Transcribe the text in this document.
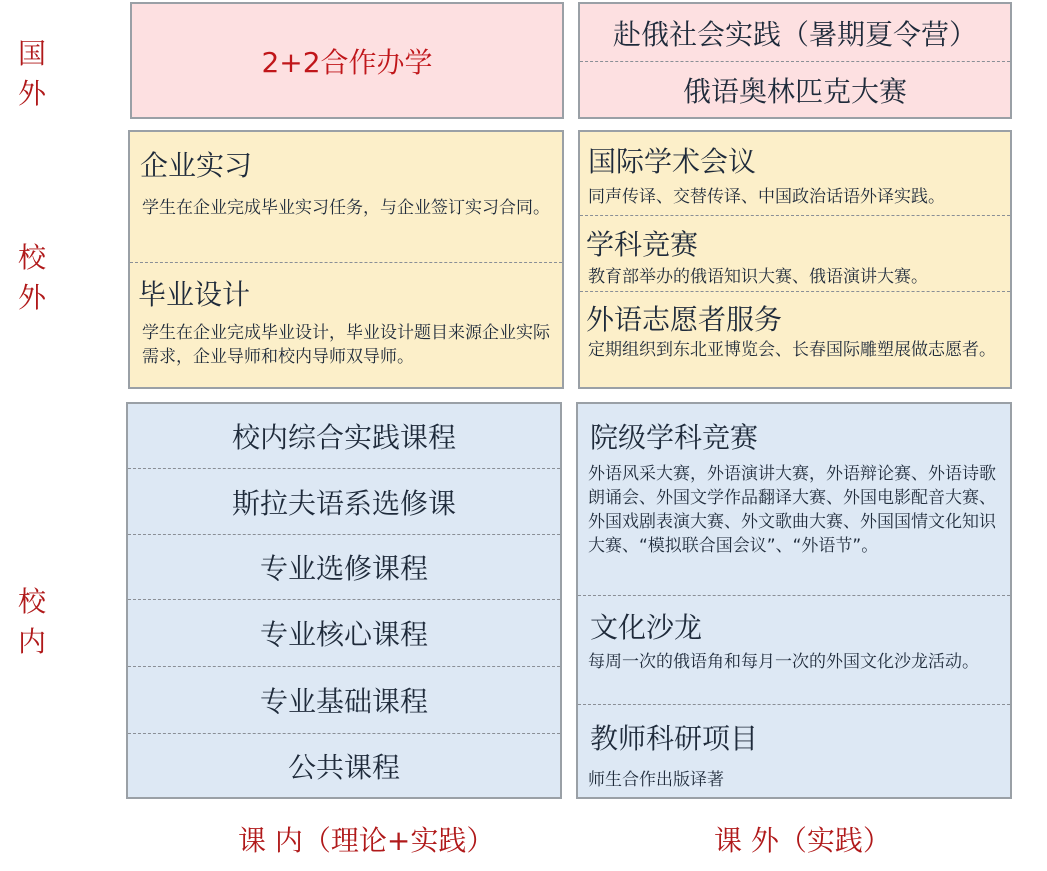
国 外
校 外
校 内
2+2合作办学
企业实习
学生在企业完成毕业实习任务，与企业签订实习合同。
毕业设计
学生在企业完成毕业设计，毕业设计题目来源企业实际需求，企业导师和校内导师双导师。
校内综合实践课程
斯拉夫语系选修课
专业选修课程
专业核心课程
专业基础课程
公共课程
赴俄社会实践（暑期夏令营）
俄语奥林匹克大赛
国际学术会议
同声传译、交替传译、中国政治话语外译实践。
学科竞赛
教育部举办的俄语知识大赛、俄语演讲大赛。
外语志愿者服务
定期组织到东北亚博览会、长春国际雕塑展做志愿者。
院级学科竞赛
外语风采大赛，外语演讲大赛，外语辩论赛、外语诗歌朗诵会、外国文学作品翻译大赛、外国电影配音大赛、外国戏剧表演大赛、外文歌曲大赛、外国国情文化知识大赛、“模拟联合国会议”、“外语节”。
文化沙龙
每周一次的俄语角和每月一次的外国文化沙龙活动。
教师科研项目
师生合作出版译著
课 内（理论+实践）	课 外（实践）
